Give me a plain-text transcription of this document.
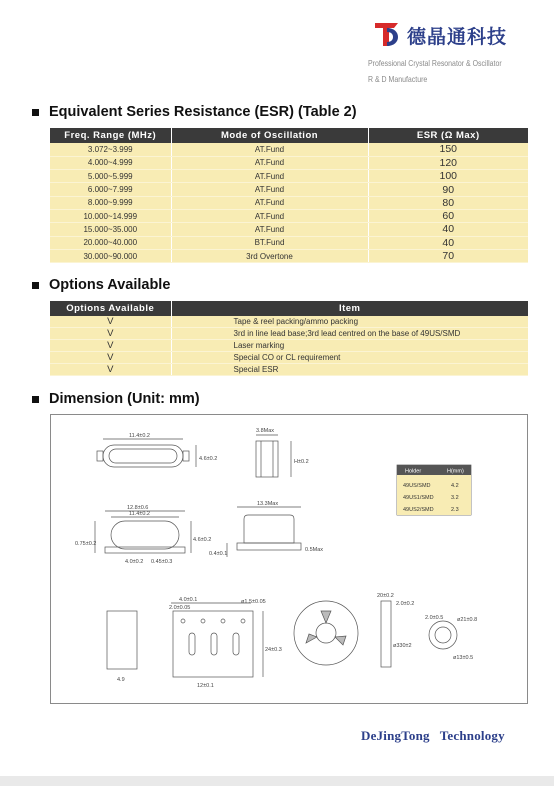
德晶通科技
Professional Crystal Resonator & Oscillator
R & D Manufacture
Equivalent Series Resistance (ESR) (Table 2)
Freq. Range (MHz)	Mode of Oscillation	ESR (Ω Max)
3.072~3.999	AT.Fund	150
4.000~4.999	AT.Fund	120
5.000~5.999	AT.Fund	100
6.000~7.999	AT.Fund	90
8.000~9.999	AT.Fund	80
10.000~14.999	AT.Fund	60
15.000~35.000	AT.Fund	40
20.000~40.000	BT.Fund	40
30.000~90.000	3rd Overtone	70
Options Available
Options Available	Item
V	Tape & reel packing/ammo packing
V	3rd in line lead base;3rd lead centred on the base of 49US/SMD
V	Laser marking
V	Special CO or CL requirement
V	Special ESR
Dimension (Unit: mm)
11.4±0.2
4.6±0.2
3.8Max
H±0.2
12.8±0.6
11.4±0.2
4.6±0.2
0.75±0.2
4.0±0.2 0.45±0.3
13.3Max
0.4±0.1
0.5Max
4.0±0.1
2.0±0.05
ø1.5±0.05
24±0.3
12±0.1
20±0.2
2.0±0.2
ø330±2
2.0±0.5 ø21±0.8
ø13±0.5
4.9
Holder	H(mm)
49US/SMD	4.2
49US1/SMD	3.2
49US2/SMD	2.3
DeJingTong Technology
